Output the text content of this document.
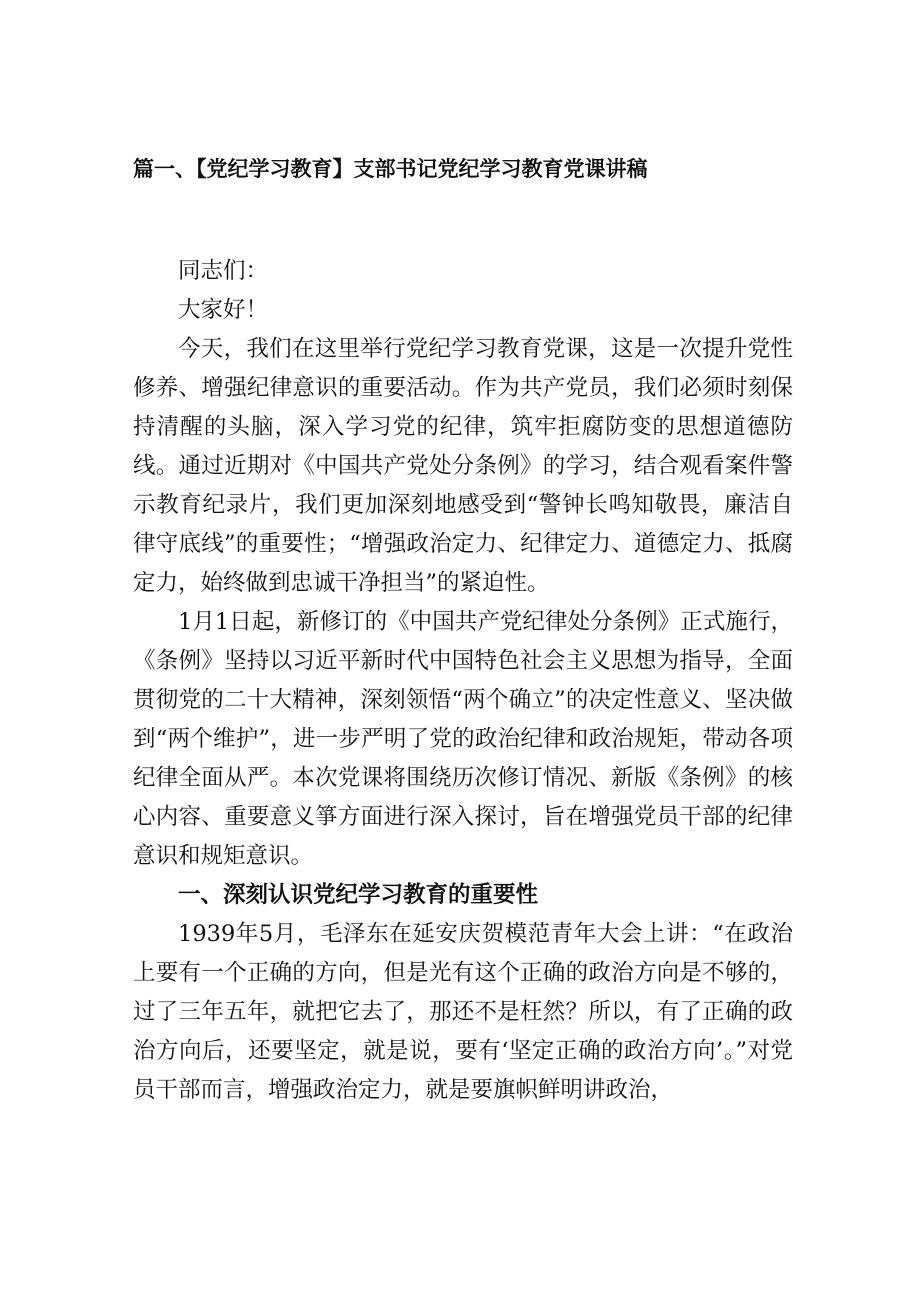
篇一、【党纪学习教育】支部书记党纪学习教育党课讲稿

同志们：

大家好！

今天，我们在这里举行党纪学习教育党课，这是一次提升党性修养、增强纪律意识的重要活动。作为共产党员，我们必须时刻保持清醒的头脑，深入学习党的纪律，筑牢拒腐防变的思想道德防线。通过近期对《中国共产党处分条例》的学习，结合观看案件警示教育纪录片，我们更加深刻地感受到“警钟长鸣知敬畏，廉洁自律守底线”的重要性；“增强政治定力、纪律定力、道德定力、抵腐定力，始终做到忠诚干净担当”的紧迫性。

1月1日起，新修订的《中国共产党纪律处分条例》正式施行，《条例》坚持以习近平新时代中国特色社会主义思想为指导，全面贯彻党的二十大精神，深刻领悟“两个确立”的决定性意义、坚决做到“两个维护”，进一步严明了党的政治纪律和政治规矩，带动各项纪律全面从严。本次党课将围绕历次修订情况、新版《条例》的核心内容、重要意义箏方面进行深入探讨，旨在增强党员干部的纪律意识和规矩意识。

一、深刻认识党纪学习教育的重要性

1939年5月，毛泽东在延安庆贺模范青年大会上讲：“在政治上要有一个正确的方向，但是光有这个正确的政治方向是不够的，过了三年五年，就把它去了，那还不是枉然？所以，有了正确的政治方向后，还要坚定，就是说，要有‘坚定正确的政治方向’。”对党员干部而言，增强政治定力，就是要旗帜鲜明讲政治，
